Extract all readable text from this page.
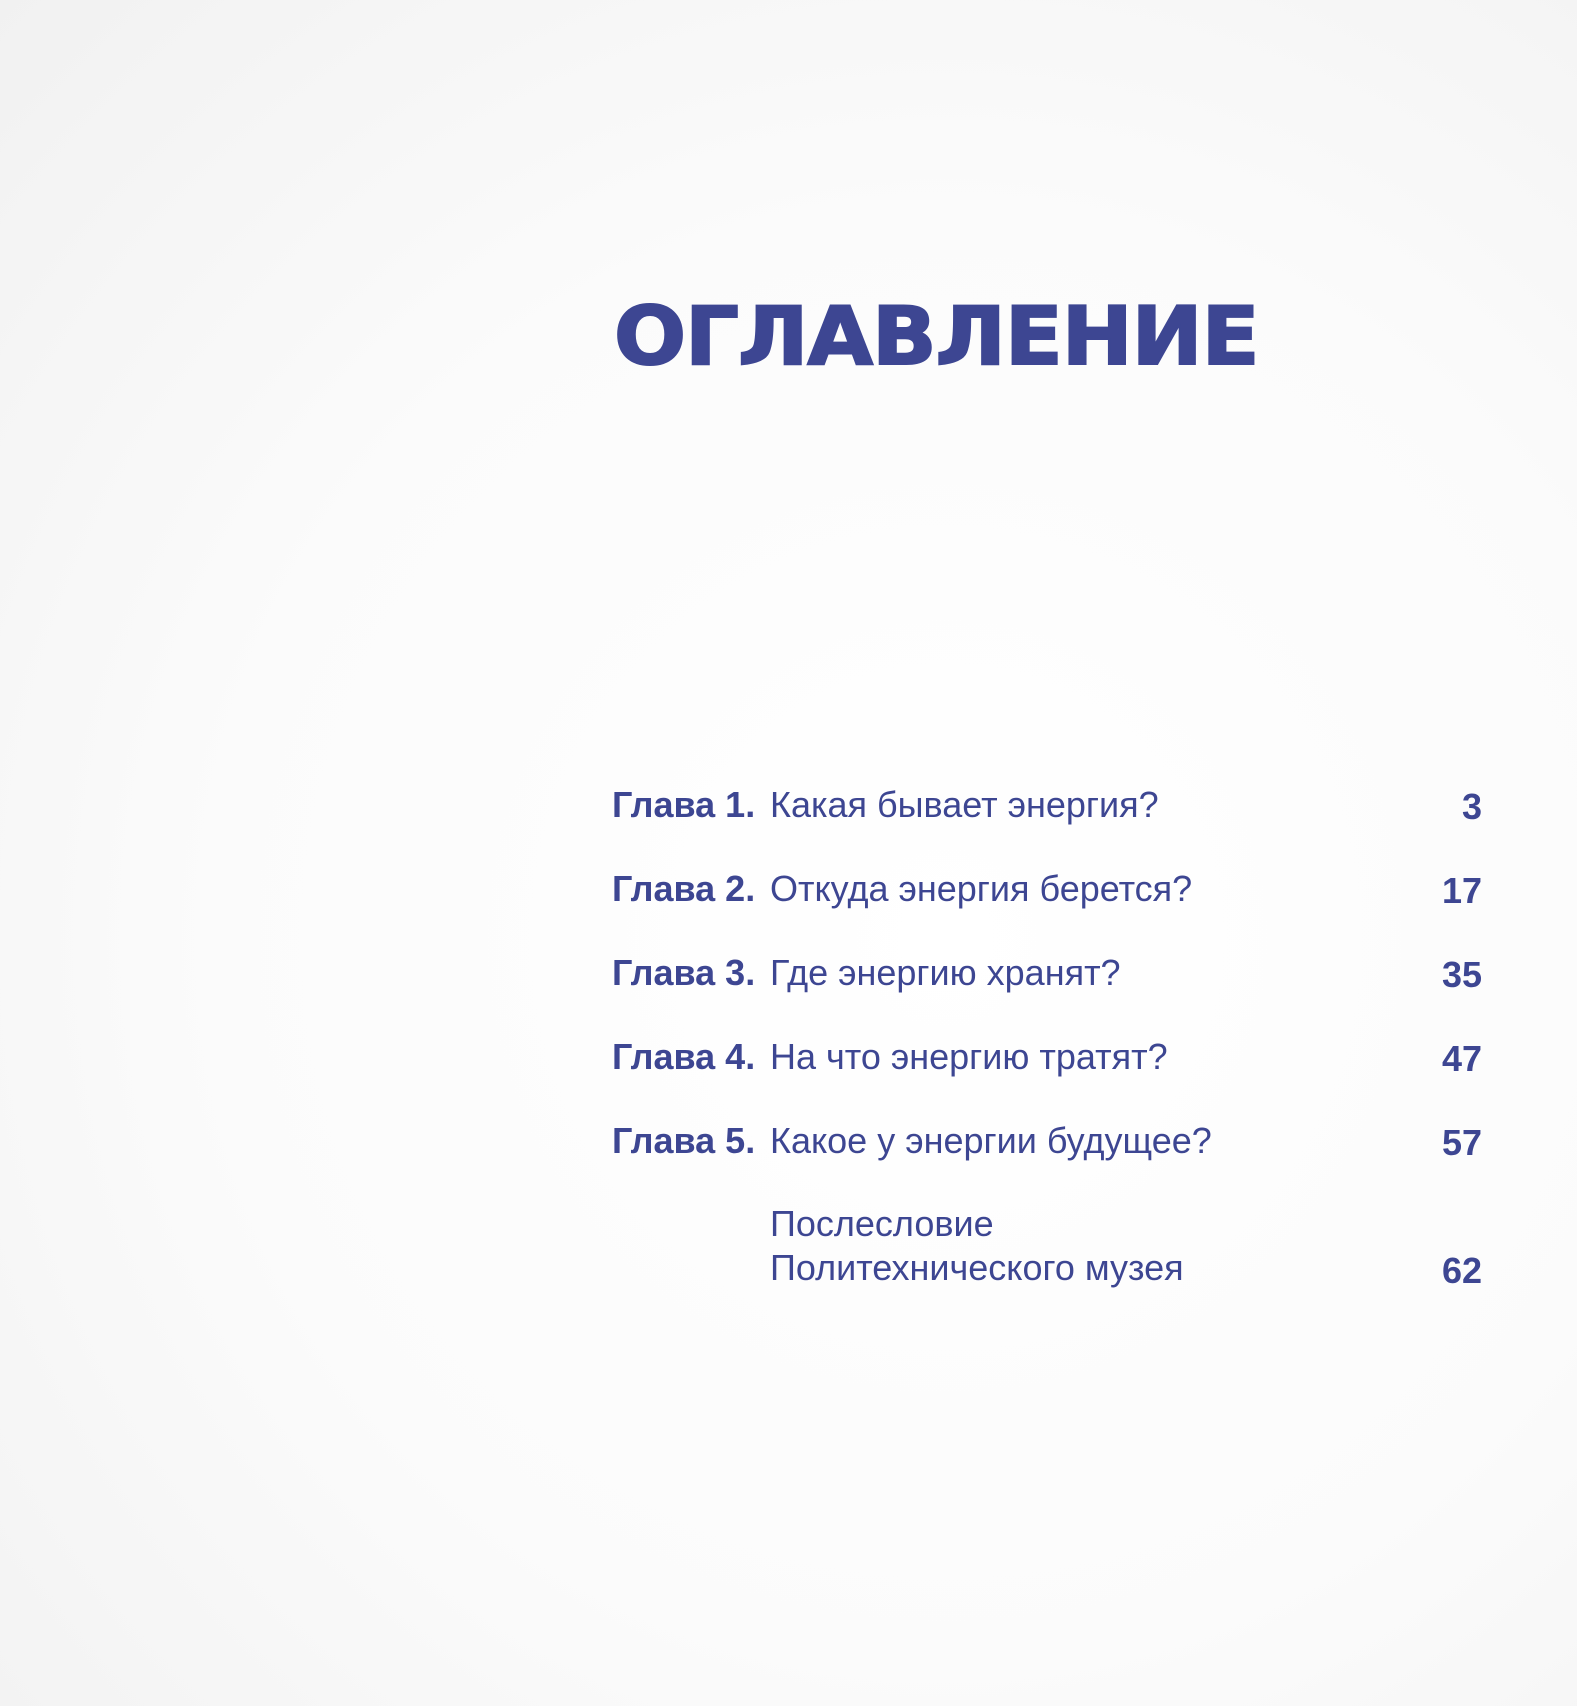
ОГЛАВЛЕНИЕ
Глава 1. Какая бывает энергия?	3
Глава 2. Откуда энергия берется?	17
Глава 3. Где энергию хранят?	35
Глава 4. На что энергию тратят?	47
Глава 5. Какое у энергии будущее?	57
Послесловие
Политехнического музея	62
